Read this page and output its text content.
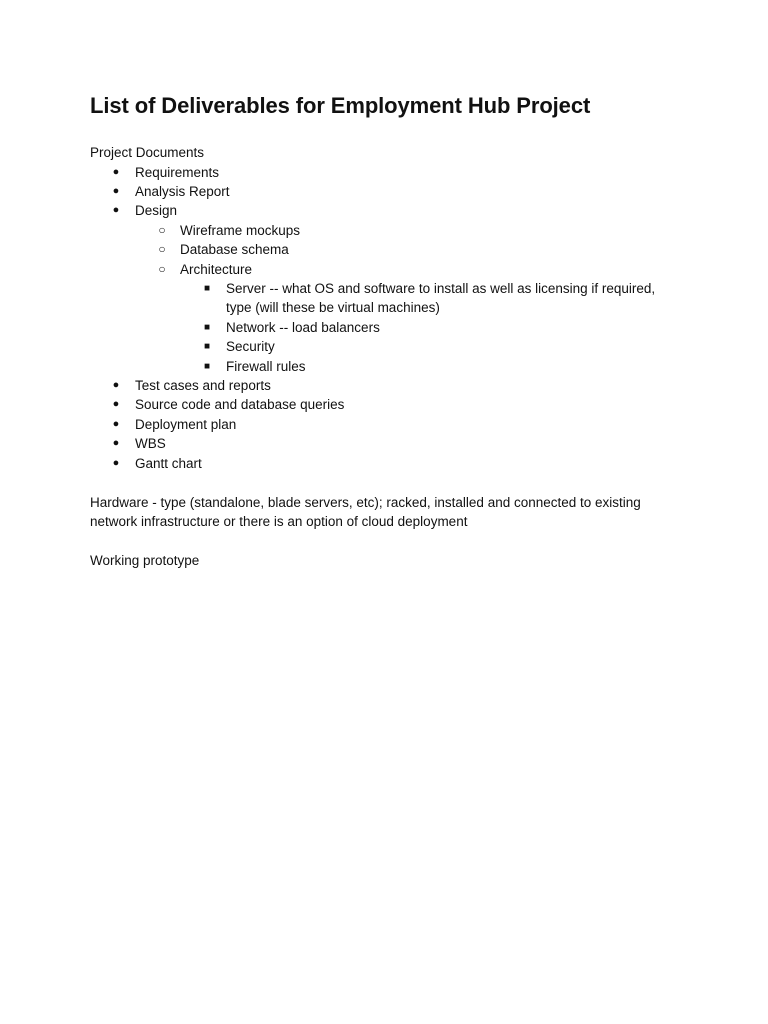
List of Deliverables for Employment Hub Project

Project Documents

● Requirements
● Analysis Report
● Design
○ Wireframe mockups
○ Database schema
○ Architecture
■ Server -- what OS and software to install as well as licensing if required, type (will these be virtual machines)
■ Network -- load balancers
■ Security
■ Firewall rules
● Test cases and reports
● Source code and database queries
● Deployment plan
● WBS
● Gantt chart

Hardware - type (standalone, blade servers, etc); racked, installed and connected to existing network infrastructure or there is an option of cloud deployment

Working prototype
